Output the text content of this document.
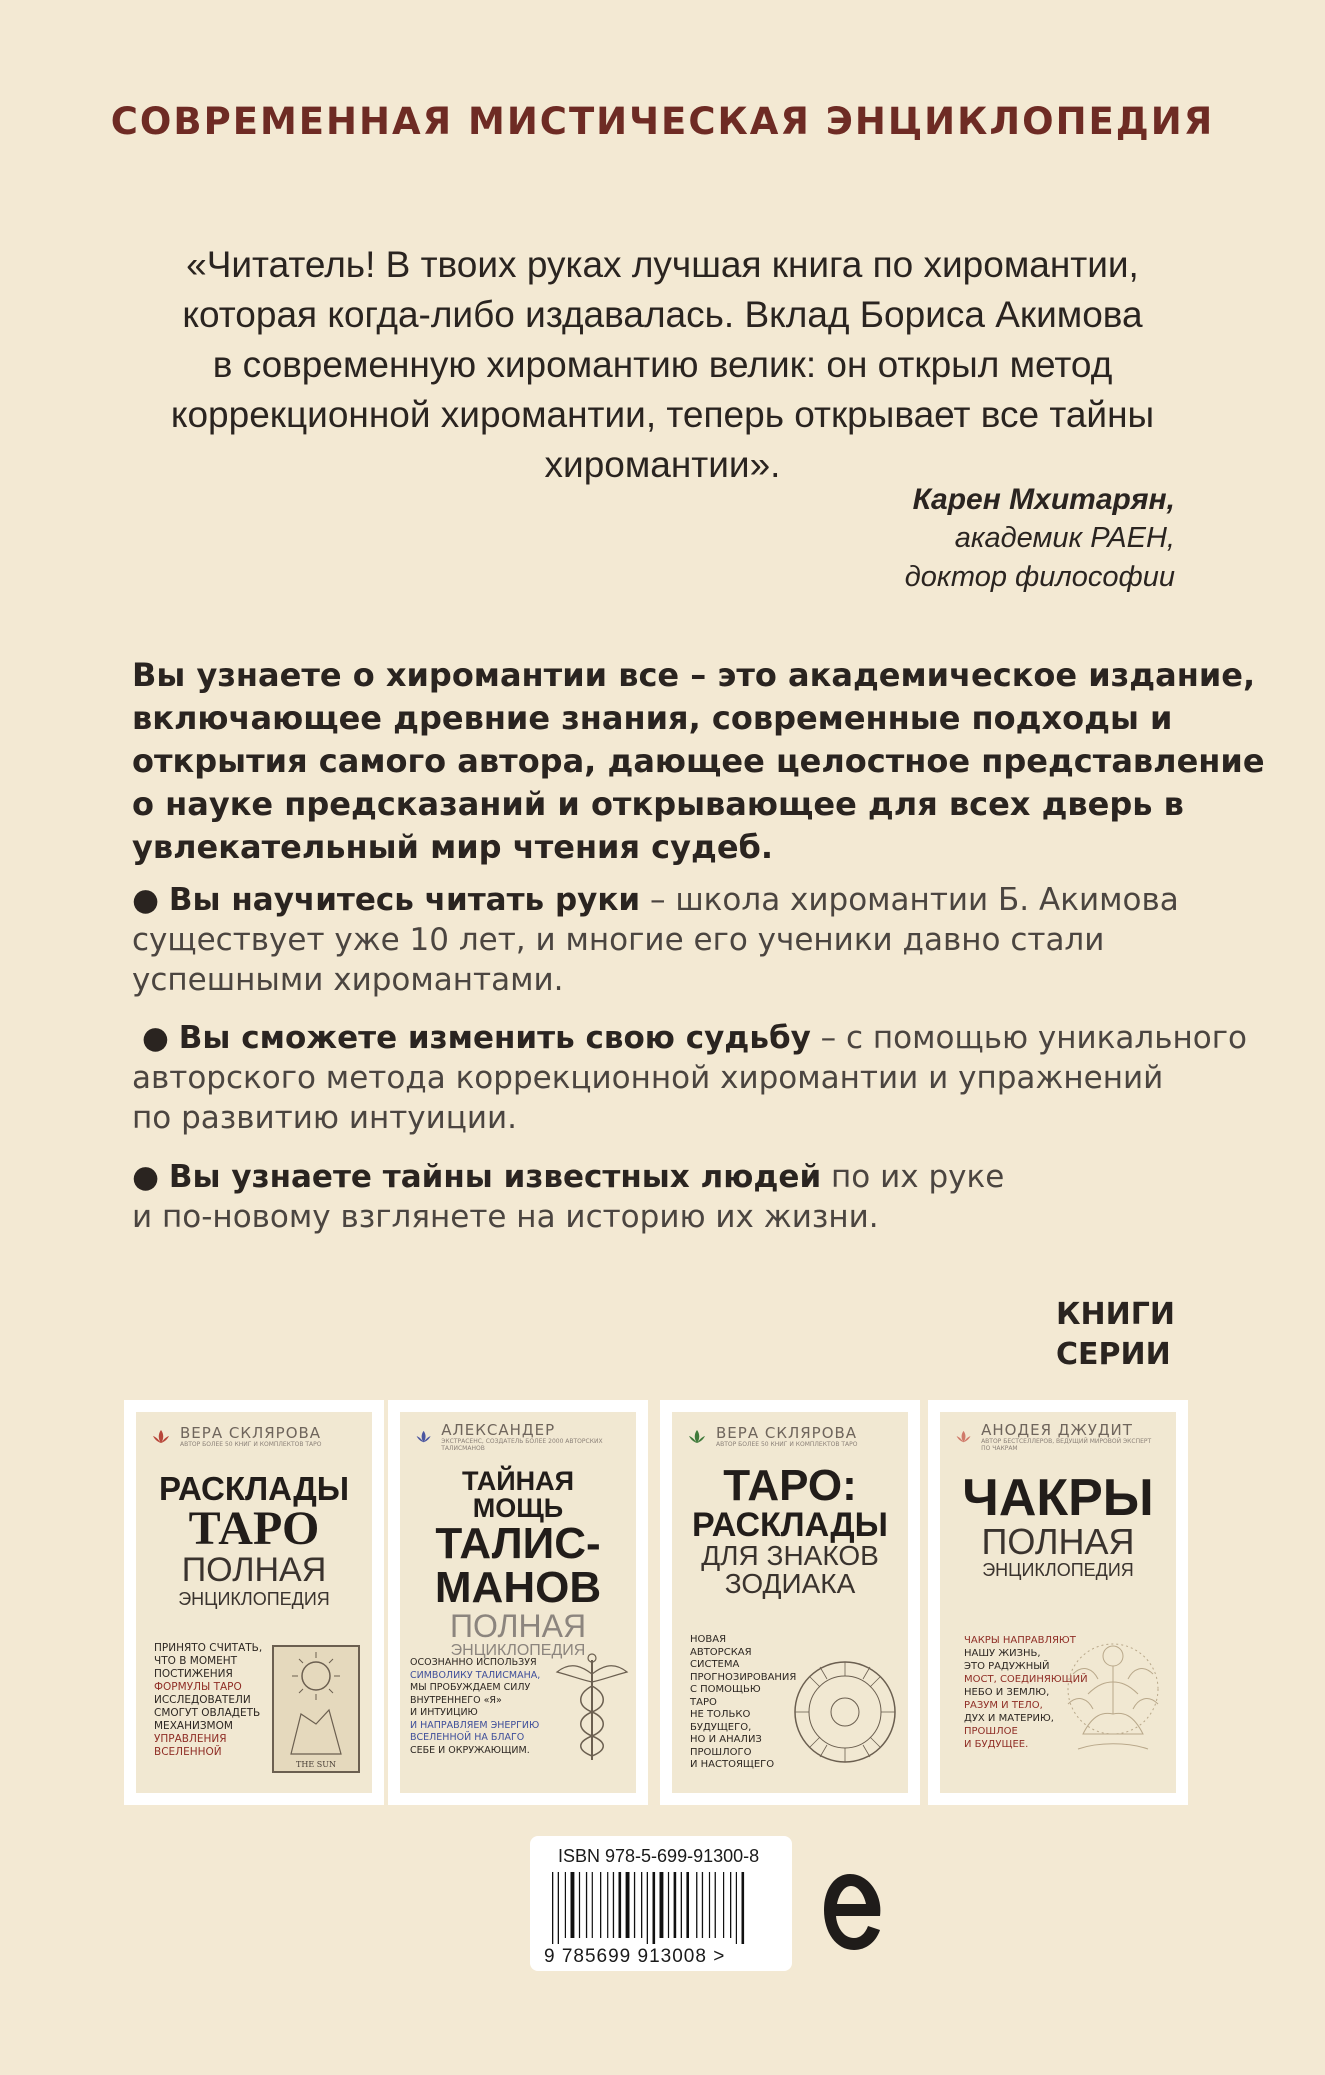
СОВРЕМЕННАЯ МИСТИЧЕСКАЯ ЭНЦИКЛОПЕДИЯ
«Читатель! В твоих руках лучшая книга по хиромантии,
которая когда-либо издавалась. Вклад Бориса Акимова
в современную хиромантию велик: он открыл метод
коррекционной хиромантии, теперь открывает все тайны
хиромантии».
Карен Мхитарян,
академик РАЕН,
доктор философии
Вы узнаете о хиромантии все – это академическое издание,
включающее древние знания, современные подходы и
открытия самого автора, дающее целостное представление
о науке предсказаний и открывающее для всех дверь в
увлекательный мир чтения судеб.
● Вы научитесь читать руки – школа хиромантии Б. Акимова
существует уже 10 лет, и многие его ученики давно стали
успешными хиромантами.
● Вы сможете изменить свою судьбу – с помощью уникального
авторского метода коррекционной хиромантии и упражнений
по развитию интуиции.
● Вы узнаете тайны известных людей по их руке
и по-новому взглянете на историю их жизни.
КНИГИ
СЕРИИ
ВЕРА СКЛЯРОВА
АВТОР БОЛЕЕ 50 КНИГ И КОМПЛЕКТОВ ТАРО
РАСКЛАДЫ
ТАРО
ПОЛНАЯ
ЭНЦИКЛОПЕДИЯ
ПРИНЯТО СЧИТАТЬ,
ЧТО В МОМЕНТ
ПОСТИЖЕНИЯ
ФОРМУЛЫ ТАРО
ИССЛЕДОВАТЕЛИ
СМОГУТ ОВЛАДЕТЬ
МЕХАНИЗМОМ
УПРАВЛЕНИЯ
ВСЕЛЕННОЙ
THE SUN
АЛЕКСАНДЕР
ЭКСТРАСЕНС, СОЗДАТЕЛЬ БОЛЕЕ 2000 АВТОРСКИХ ТАЛИСМАНОВ
ТАЙНАЯ МОЩЬ
ТАЛИС-
МАНОВ
ПОЛНАЯ
ЭНЦИКЛОПЕДИЯ
ОСОЗНАННО ИСПОЛЬЗУЯ
СИМВОЛИКУ ТАЛИСМАНА,
МЫ ПРОБУЖДАЕМ СИЛУ
ВНУТРЕННЕГО «Я»
И ИНТУИЦИЮ
И НАПРАВЛЯЕМ ЭНЕРГИЮ
ВСЕЛЕННОЙ НА БЛАГО
СЕБЕ И ОКРУЖАЮЩИМ.
ВЕРА СКЛЯРОВА
АВТОР БОЛЕЕ 50 КНИГ И КОМПЛЕКТОВ ТАРО
ТАРО:
РАСКЛАДЫ
ДЛЯ ЗНАКОВ
ЗОДИАКА
НОВАЯ
АВТОРСКАЯ
СИСТЕМА
ПРОГНОЗИРОВАНИЯ
С ПОМОЩЬЮ
ТАРО
НЕ ТОЛЬКО
БУДУЩЕГО,
НО И АНАЛИЗ
ПРОШЛОГО
И НАСТОЯЩЕГО
АНОДЕЯ ДЖУДИТ
АВТОР БЕСТСЕЛЛЕРОВ, ВЕДУЩИЙ МИРОВОЙ ЭКСПЕРТ ПО ЧАКРАМ
ЧАКРЫ
ПОЛНАЯ
ЭНЦИКЛОПЕДИЯ
ЧАКРЫ НАПРАВЛЯЮТ
НАШУ ЖИЗНЬ,
ЭТО РАДУЖНЫЙ
МОСТ, СОЕДИНЯЮЩИЙ
НЕБО И ЗЕМЛЮ,
РАЗУМ И ТЕЛО,
ДУХ И МАТЕРИЮ,
ПРОШЛОЕ
И БУДУЩЕЕ.
ISBN 978-5-699-91300-8
9 785699 913008 >
